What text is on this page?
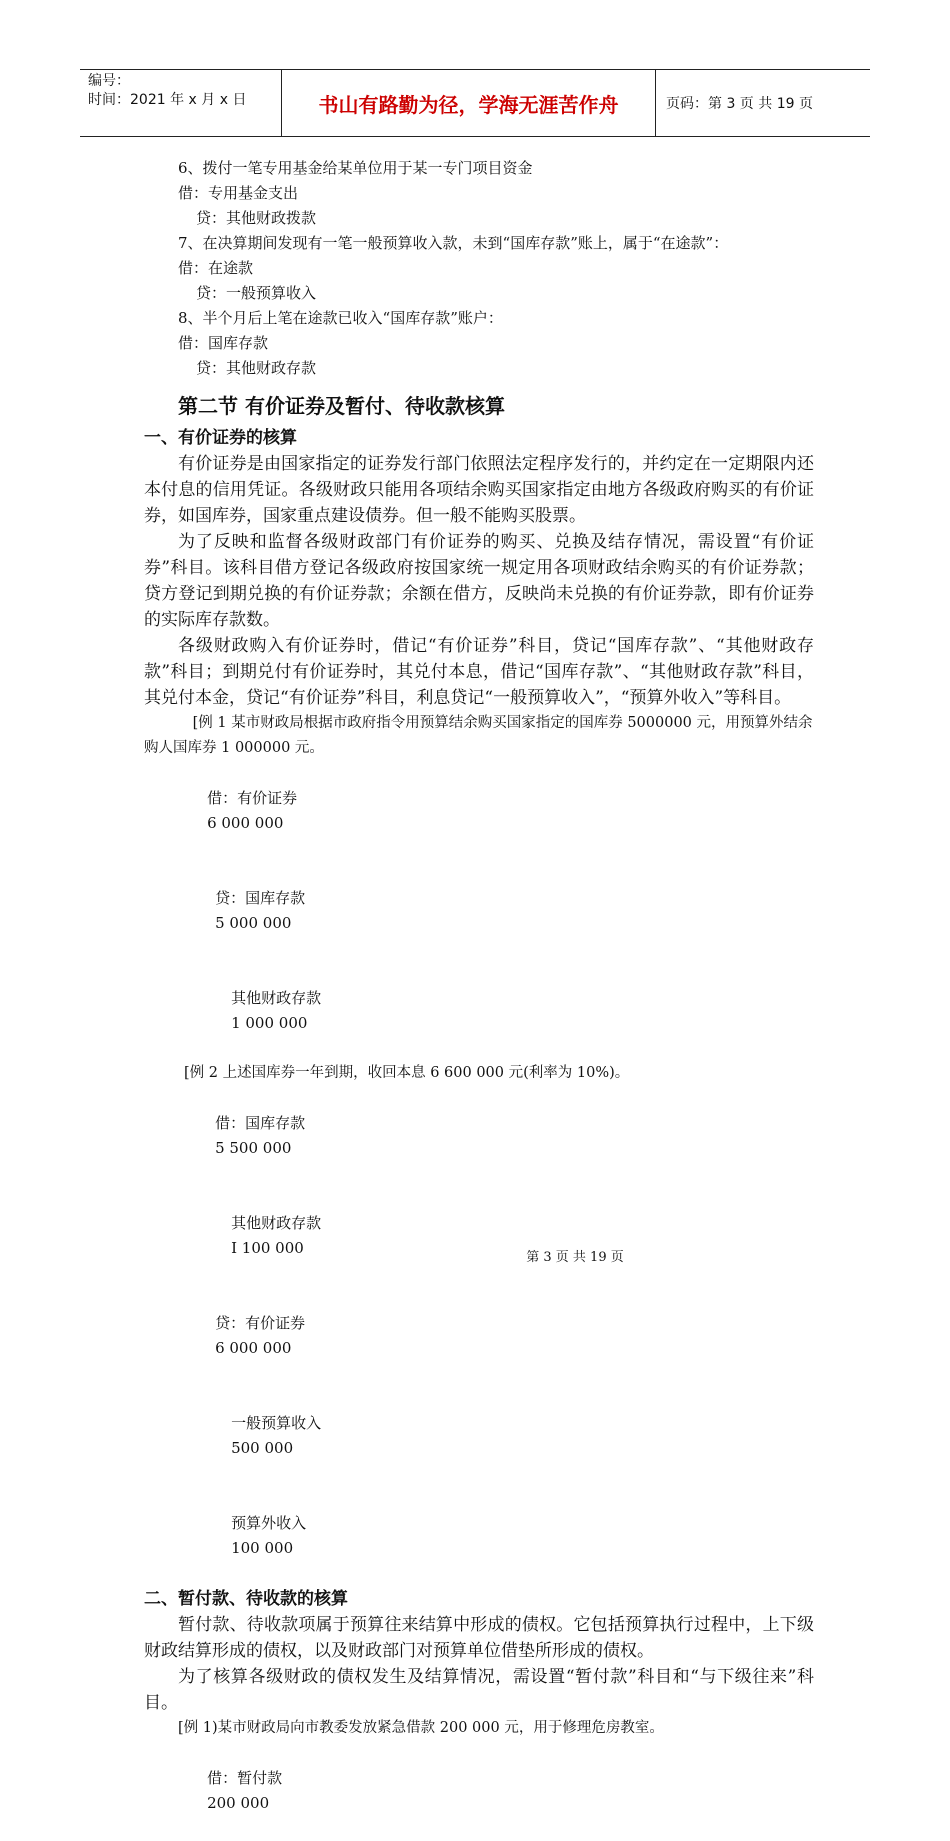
编号：
时间：2021 年 x 月 x 日	书山有路勤为径，学海无涯苦作舟	页码：第 3 页 共 19 页

6、拨付一笔专用基金给某单位用于某一专门项目资金

借：专用基金支出

贷：其他财政拨款

7、在决算期间发现有一笔一般预算收入款，未到“国库存款”账上，属于“在途款”：

借：在途款

贷：一般预算收入

8、半个月后上笔在途款已收入“国库存款”账户：

借：国库存款

贷：其他财政存款

第二节 有价证券及暂付、待收款核算
一、有价证券的核算

有价证券是由国家指定的证券发行部门依照法定程序发行的，并约定在一定期限内还本付息的信用凭证。各级财政只能用各项结余购买国家指定由地方各级政府购买的有价证券，如国库券，国家重点建设债券。但一般不能购买股票。

为了反映和监督各级财政部门有价证券的购买、兑换及结存情况，需设置“有价证券”科目。该科目借方登记各级政府按国家统一规定用各项财政结余购买的有价证券款；贷方登记到期兑换的有价证券款；余额在借方，反映尚未兑换的有价证券款，即有价证券的实际库存款数。

各级财政购入有价证券时，借记“有价证券”科目，贷记“国库存款”、“其他财政存款”科目；到期兑付有价证券时，其兑付本息，借记“国库存款”、“其他财政存款”科目，其兑付本金，贷记“有价证券”科目，利息贷记“一般预算收入”，“预算外收入”等科目。

[例 1 某市财政局根据市政府指令用预算结余购买国家指定的国库券 5000000 元，用预算外结余购人国库券 1 000000 元。

借：有价证券
6 000 000

贷：国库存款
5 000 000

其他财政存款
1 000 000

[例 2 上述国库券一年到期，收回本息 6 600 000 元(利率为 10%)。

借：国库存款
5 500 000

其他财政存款
I 100 000

贷：有价证券
6 000 000

一般预算收入
500 000

预算外收入
100 000

二、暂付款、待收款的核算

暂付款、待收款项属于预算往来结算中形成的债权。它包括预算执行过程中，上下级财政结算形成的债权，以及财政部门对预算单位借垫所形成的债权。

为了核算各级财政的债权发生及结算情况，需设置“暂付款”科目和“与下级往来”科目。

[例 1)某市财政局向市教委发放紧急借款 200 000 元，用于修理危房教室。

借：暂付款
200 000

第 3 页 共 19 页
